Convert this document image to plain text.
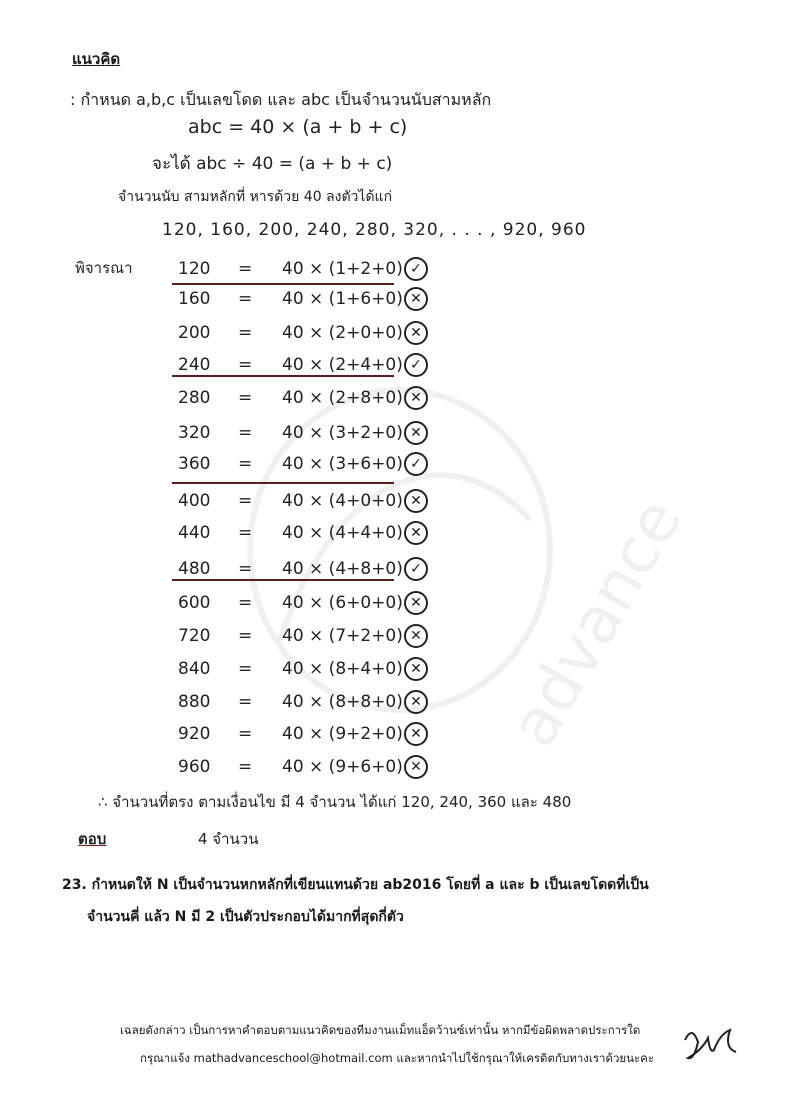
advance
แนวคิด
: กำหนด a,b,c เป็นเลขโดด และ abc เป็นจำนวนนับสามหลัก
abc = 40 × (a + b + c)
จะได้ abc ÷ 40 = (a + b + c)
จำนวนนับ สามหลักที่ หารด้วย 40 ลงตัวได้แก่
120, 160, 200, 240, 280, 320, . . . , 920, 960
พิจารณา	120 = 40 × (1+2+0) ✓
160 = 40 × (1+6+0) ✕
200 = 40 × (2+0+0) ✕
240 = 40 × (2+4+0) ✓
280 = 40 × (2+8+0) ✕
320 = 40 × (3+2+0) ✕
360 = 40 × (3+6+0) ✓
400 = 40 × (4+0+0) ✕
440 = 40 × (4+4+0) ✕
480 = 40 × (4+8+0) ✓
600 = 40 × (6+0+0) ✕
720 = 40 × (7+2+0) ✕
840 = 40 × (8+4+0) ✕
880 = 40 × (8+8+0) ✕
920 = 40 × (9+2+0) ✕
960 = 40 × (9+6+0) ✕
∴ จำนวนที่ตรง ตามเงื่อนไข มี 4 จำนวน ได้แก่ 120, 240, 360 และ 480
ตอบ	4 จำนวน
23. กำหนดให้ N เป็นจำนวนหกหลักที่เขียนแทนด้วย ab2016 โดยที่ a และ b เป็นเลขโดดที่เป็น
จำนวนคี่ แล้ว N มี 2 เป็นตัวประกอบได้มากที่สุดกี่ตัว
เฉลยดังกล่าว เป็นการหาคำตอบตามแนวคิดของทีมงานแม็ทแอ็ดว้านซ์เท่านั้น หากมีข้อผิดพลาดประการใด
กรุณาแจ้ง mathadvanceschool@hotmail.com และหากนำไปใช้กรุณาให้เครดิตกับทางเราด้วยนะคะ
